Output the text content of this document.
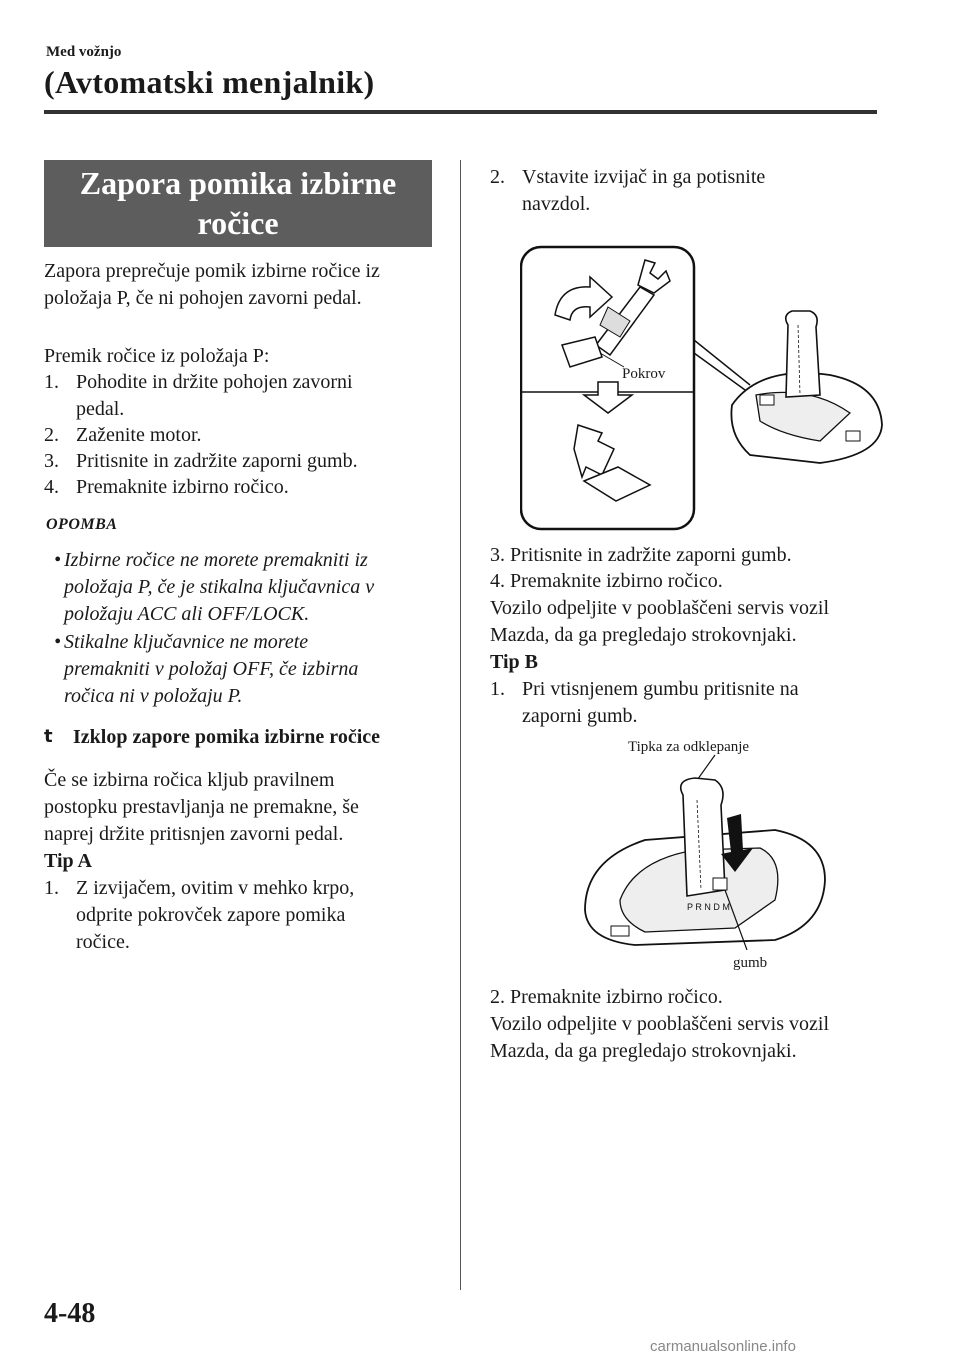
Med vožnjo
(Avtomatski menjalnik)
Zapora pomika izbirne
ročice
Zapora preprečuje pomik izbirne ročice iz
položaja P, če ni pohojen zavorni pedal.
Premik ročice iz položaja P:
1. Pohodite in držite pohojen zavorni
pedal.
2. Zaženite motor.
3. Pritisnite in zadržite zaporni gumb.
4. Premaknite izbirno ročico.
OPOMBA
• Izbirne ročice ne morete premakniti iz
položaja P, če je stikalna ključavnica v
položaju ACC ali OFF/LOCK.
• Stikalne ključavnice ne morete
premakniti v položaj OFF, če izbirna
ročica ni v položaju P.
t Izklop zapore pomika izbirne ročice
Če se izbirna ročica kljub pravilnem
postopku prestavljanja ne premakne, še
naprej držite pritisnjen zavorni pedal.
Tip A
1. Z izvijačem, ovitim v mehko krpo,
odprite pokrovček zapore pomika
ročice.
2. Vstavite izvijač in ga potisnite
navzdol.
Pokrov
3. Pritisnite in zadržite zaporni gumb.
4. Premaknite izbirno ročico.
Vozilo odpeljite v pooblaščeni servis vozil
Mazda, da ga pregledajo strokovnjaki.
Tip B
1. Pri vtisnjenem gumbu pritisnite na
zaporni gumb.
Tipka za odklepanje
P R N D M
gumb
2. Premaknite izbirno ročico.
Vozilo odpeljite v pooblaščeni servis vozil
Mazda, da ga pregledajo strokovnjaki.
4-48
carmanualsonline.info
